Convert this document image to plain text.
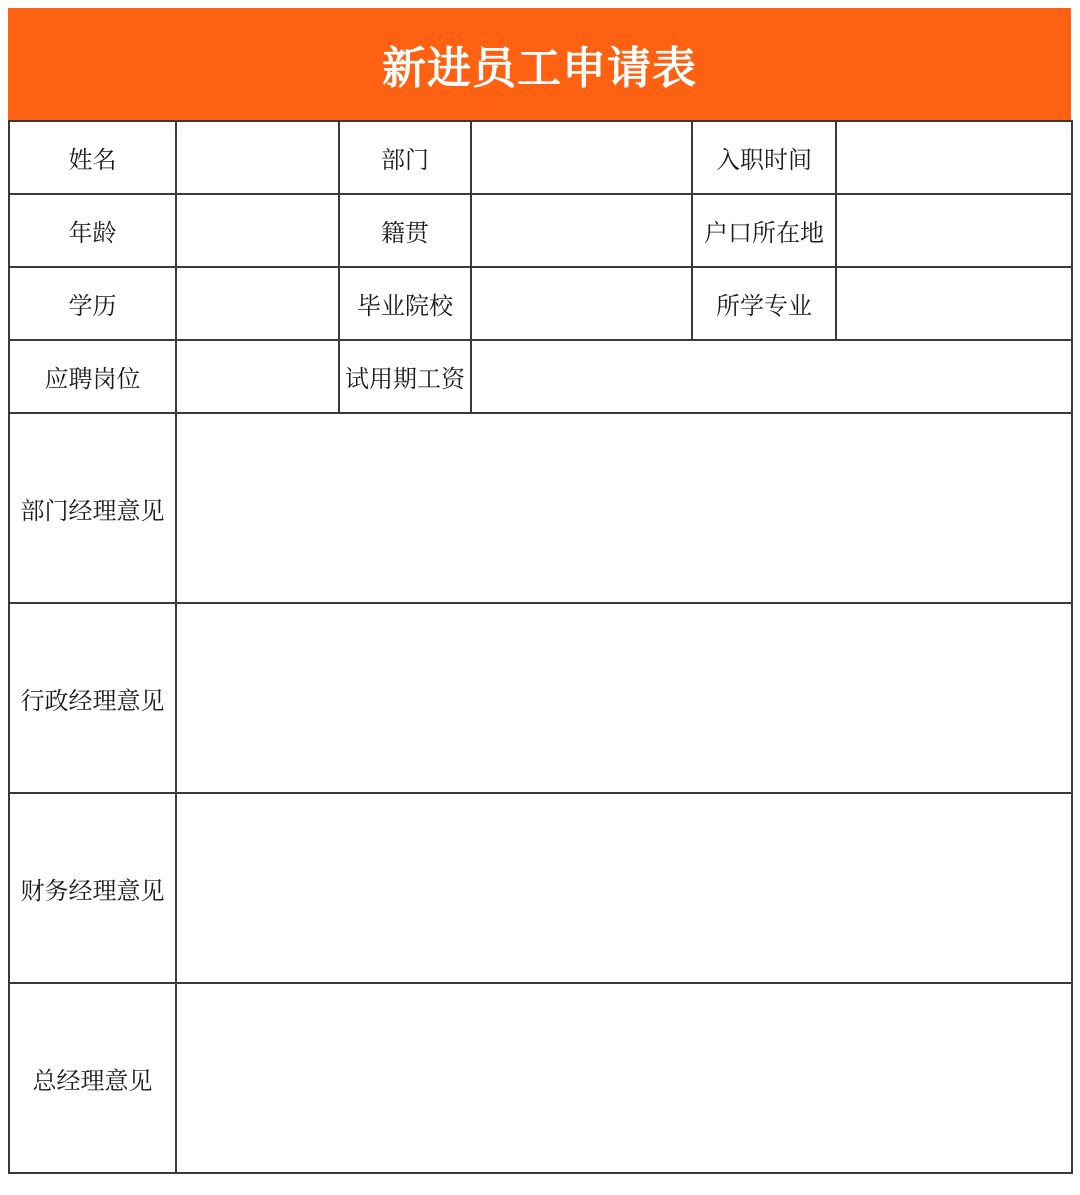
新进员工申请表
姓名		部门		入职时间	
年龄		籍贯		户口所在地	
学历		毕业院校		所学专业	
应聘岗位		试用期工资			
部门经理意见					
行政经理意见					
财务经理意见					
总经理意见					
